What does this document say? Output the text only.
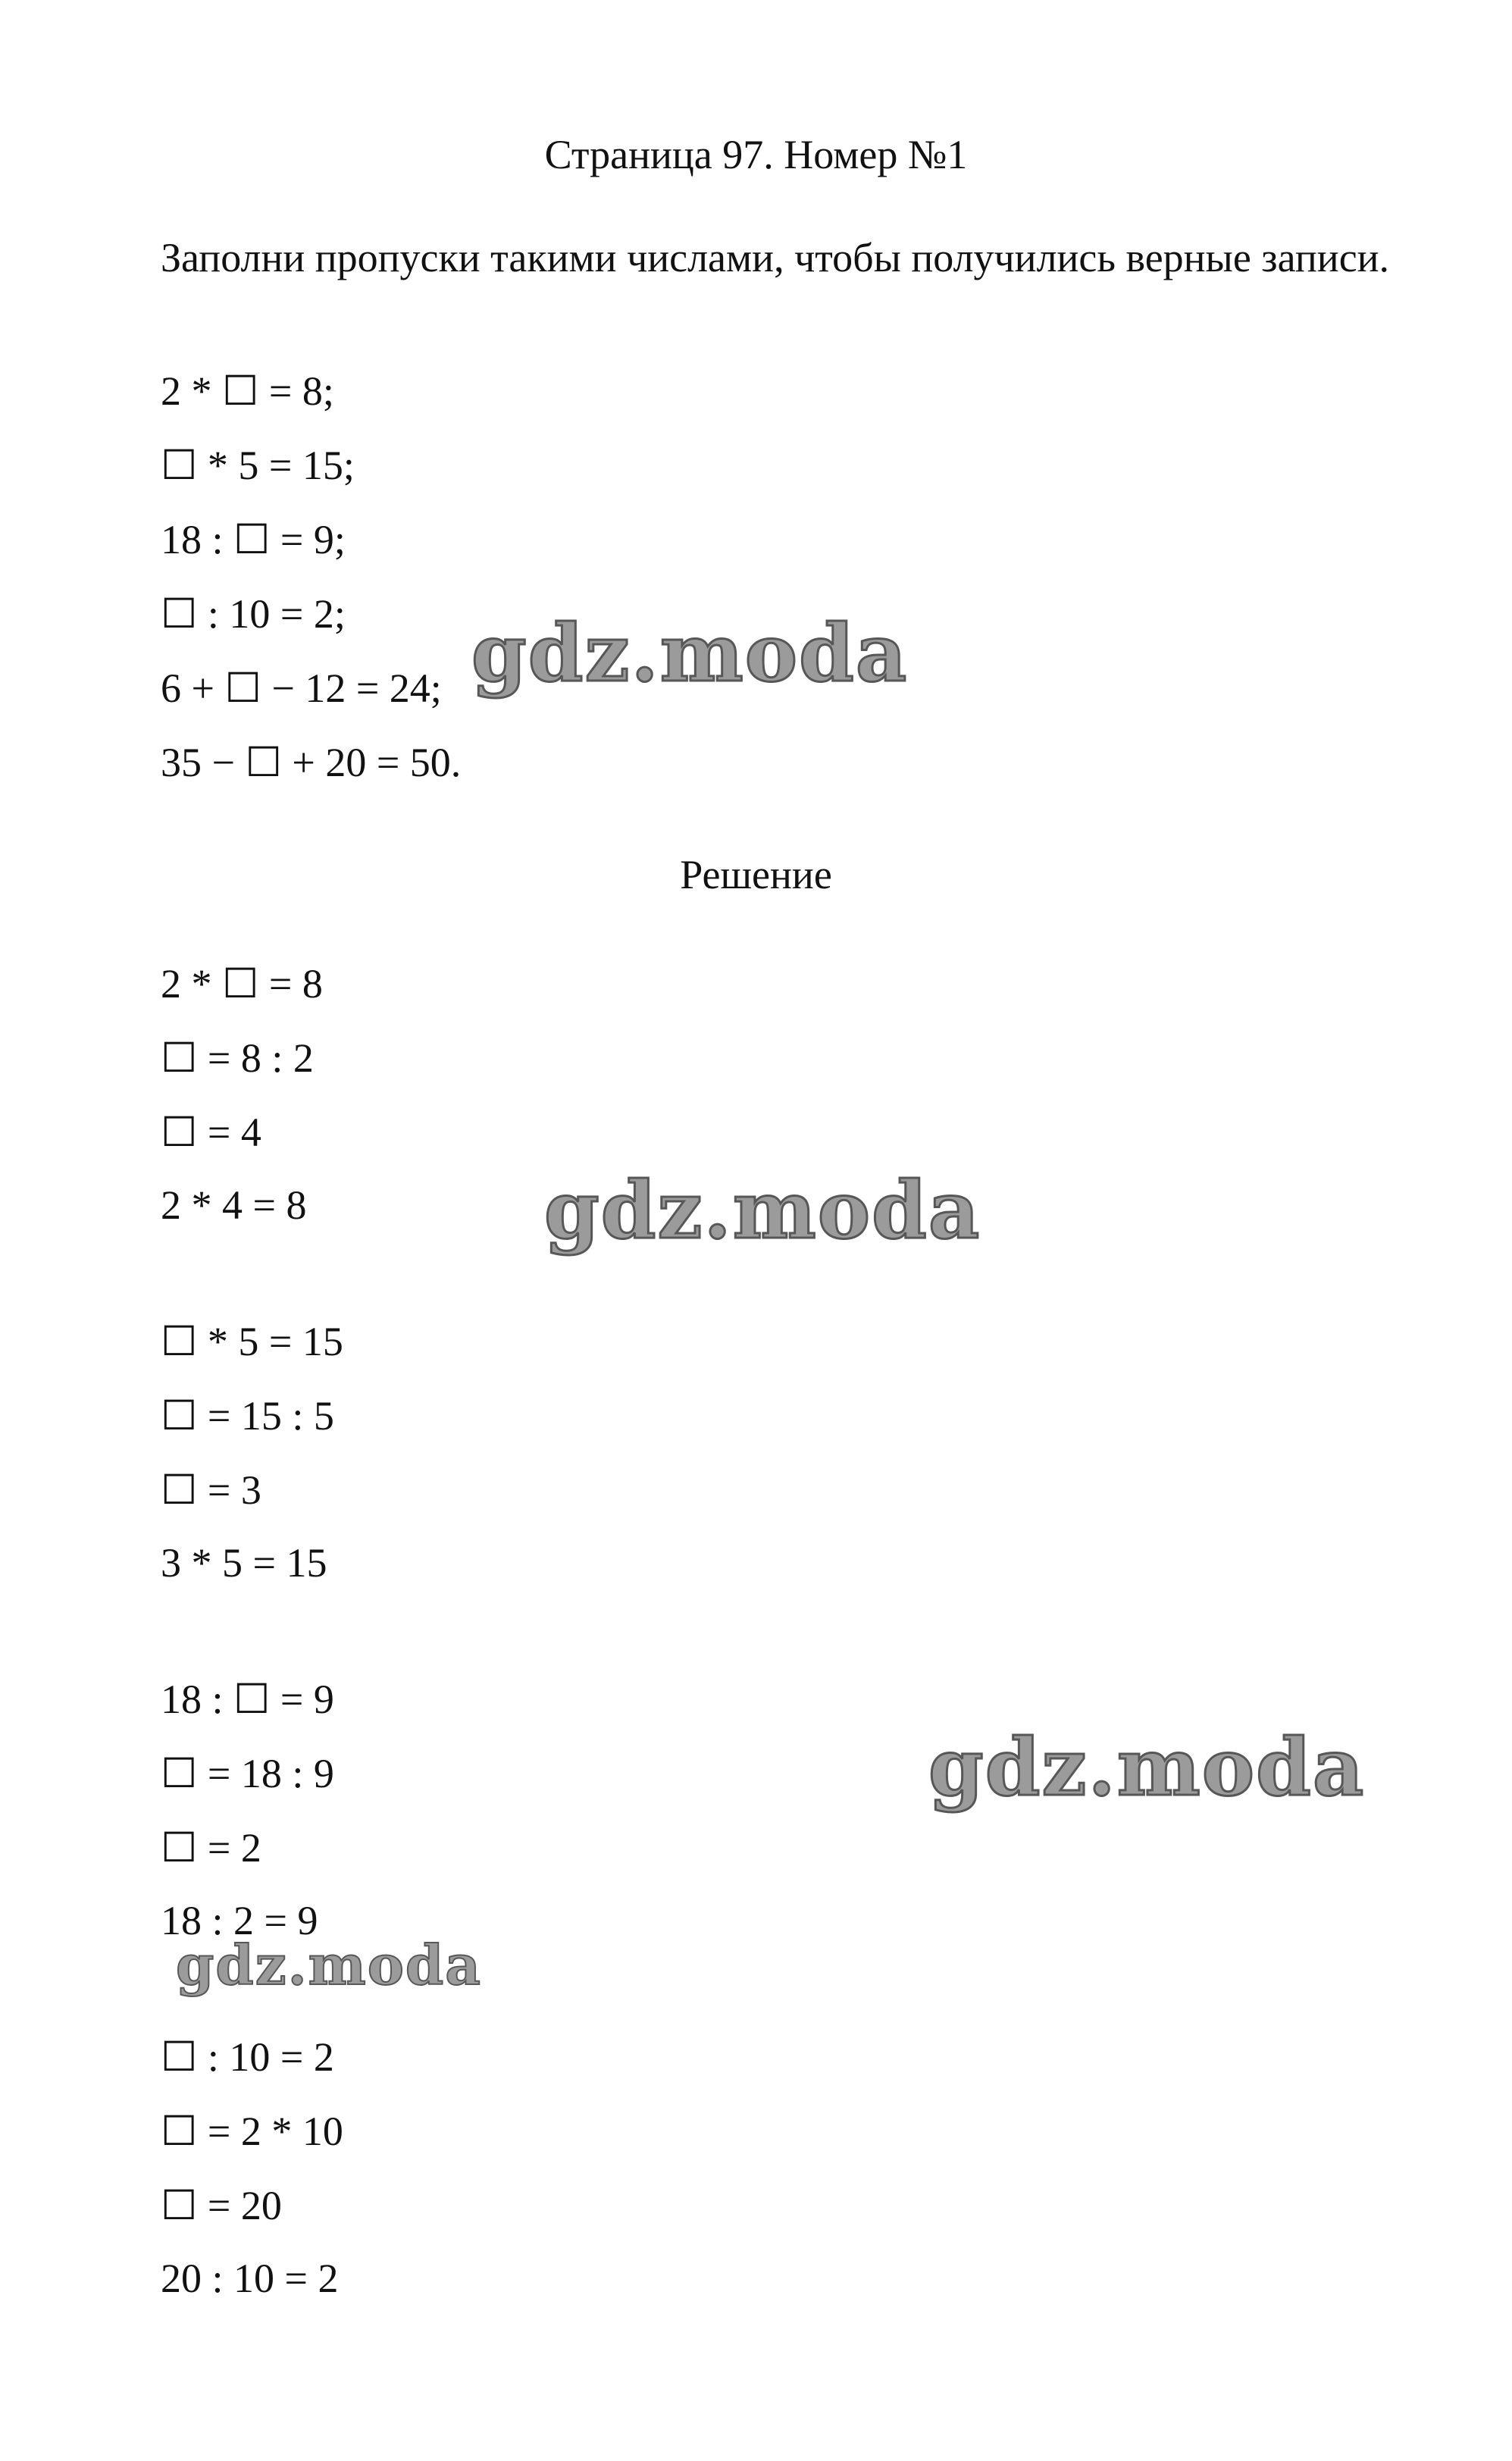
Страница 97. Номер №1

Заполни пропуски такими числами, чтобы получились верные записи.

2 * ☐ = 8;
☐ * 5 = 15;
18 : ☐ = 9;
☐ : 10 = 2;
6 + ☐ − 12 = 24;
35 − ☐ + 20 = 50.
Решение
2 * ☐ = 8
☐ = 8 : 2
☐ = 4
2 * 4 = 8
☐ * 5 = 15
☐ = 15 : 5
☐ = 3
3 * 5 = 15
18 : ☐ = 9
☐ = 18 : 9
☐ = 2
18 : 2 = 9
☐ : 10 = 2
☐ = 2 * 10
☐ = 20
20 : 10 = 2
gdz.moda
gdz.moda
gdz.moda
gdz.moda
